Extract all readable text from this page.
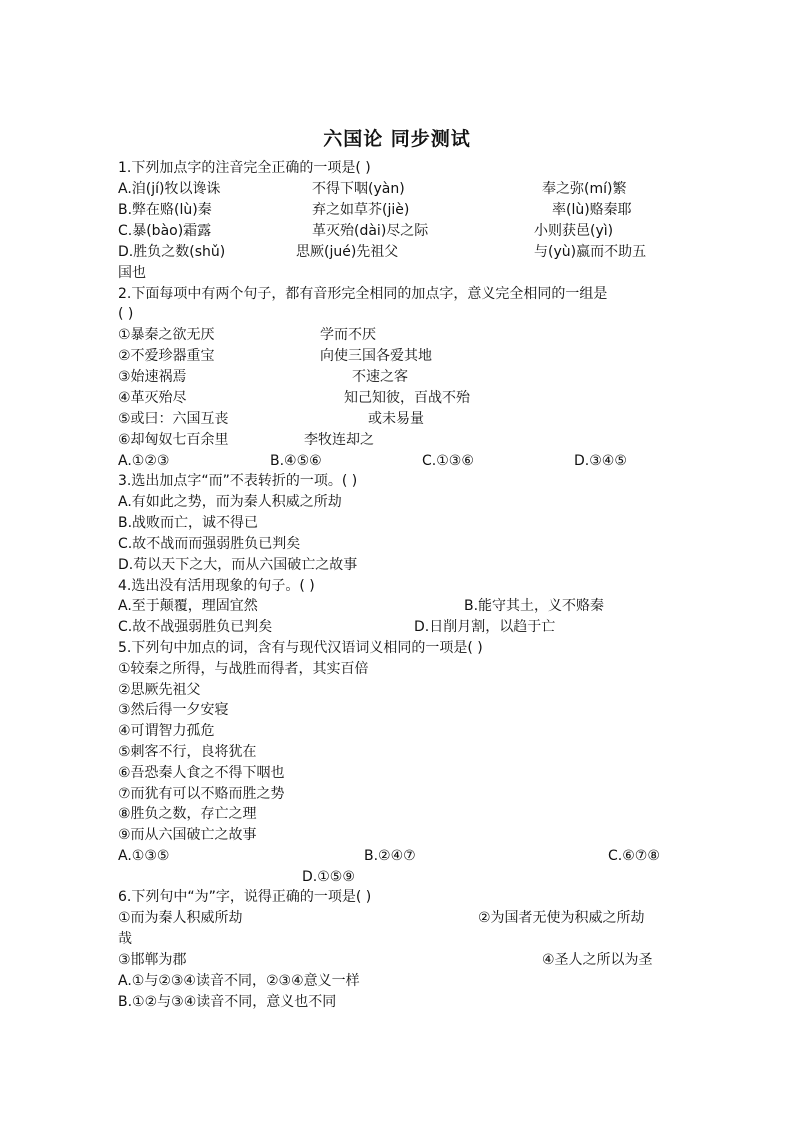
六国论 同步测试
1.下列加点字的注音完全正确的一项是( )
A.洎(jí)牧以谗诛	不得下咽(yàn)	奉之弥(mí)繁
B.弊在赂(lù)秦	弃之如草芥(jiè)	率(lù)赂秦耶
C.暴(bào)霜露	革灭殆(dài)尽之际	小则获邑(yì)
D.胜负之数(shǔ)	思厥(jué)先祖父	与(yù)嬴而不助五
国也
2.下面每项中有两个句子，都有音形完全相同的加点字，意义完全相同的一组是
( )
①暴秦之欲无厌	学而不厌
②不爱珍器重宝	向使三国各爱其地
③始速祸焉	不速之客
④革灭殆尽	知己知彼，百战不殆
⑤或曰：六国互丧	或未易量
⑥却匈奴七百余里	李牧连却之
A.①②③	B.④⑤⑥	C.①③⑥	D.③④⑤
3.选出加点字“而”不表转折的一项。( )
A.有如此之势，而为秦人积威之所劫
B.战败而亡，诚不得已
C.故不战而而强弱胜负已判矣
D.苟以天下之大，而从六国破亡之故事
4.选出没有活用现象的句子。( )
A.至于颠覆，理固宜然	B.能守其土，义不赂秦
C.故不战强弱胜负已判矣	D.日削月割，以趋于亡
5.下列句中加点的词，含有与现代汉语词义相同的一项是( )
①较秦之所得，与战胜而得者，其实百倍
②思厥先祖父
③然后得一夕安寝
④可谓智力孤危
⑤刺客不行，良将犹在
⑥吾恐秦人食之不得下咽也
⑦而犹有可以不赂而胜之势
⑧胜负之数，存亡之理
⑨而从六国破亡之故事
A.①③⑤	B.②④⑦	C.⑥⑦⑧
D.①⑤⑨
6.下列句中“为”字，说得正确的一项是( )
①而为秦人积威所劫	②为国者无使为积威之所劫
哉
③邯郸为郡	④圣人之所以为圣
A.①与②③④读音不同，②③④意义一样
B.①②与③④读音不同，意义也不同
